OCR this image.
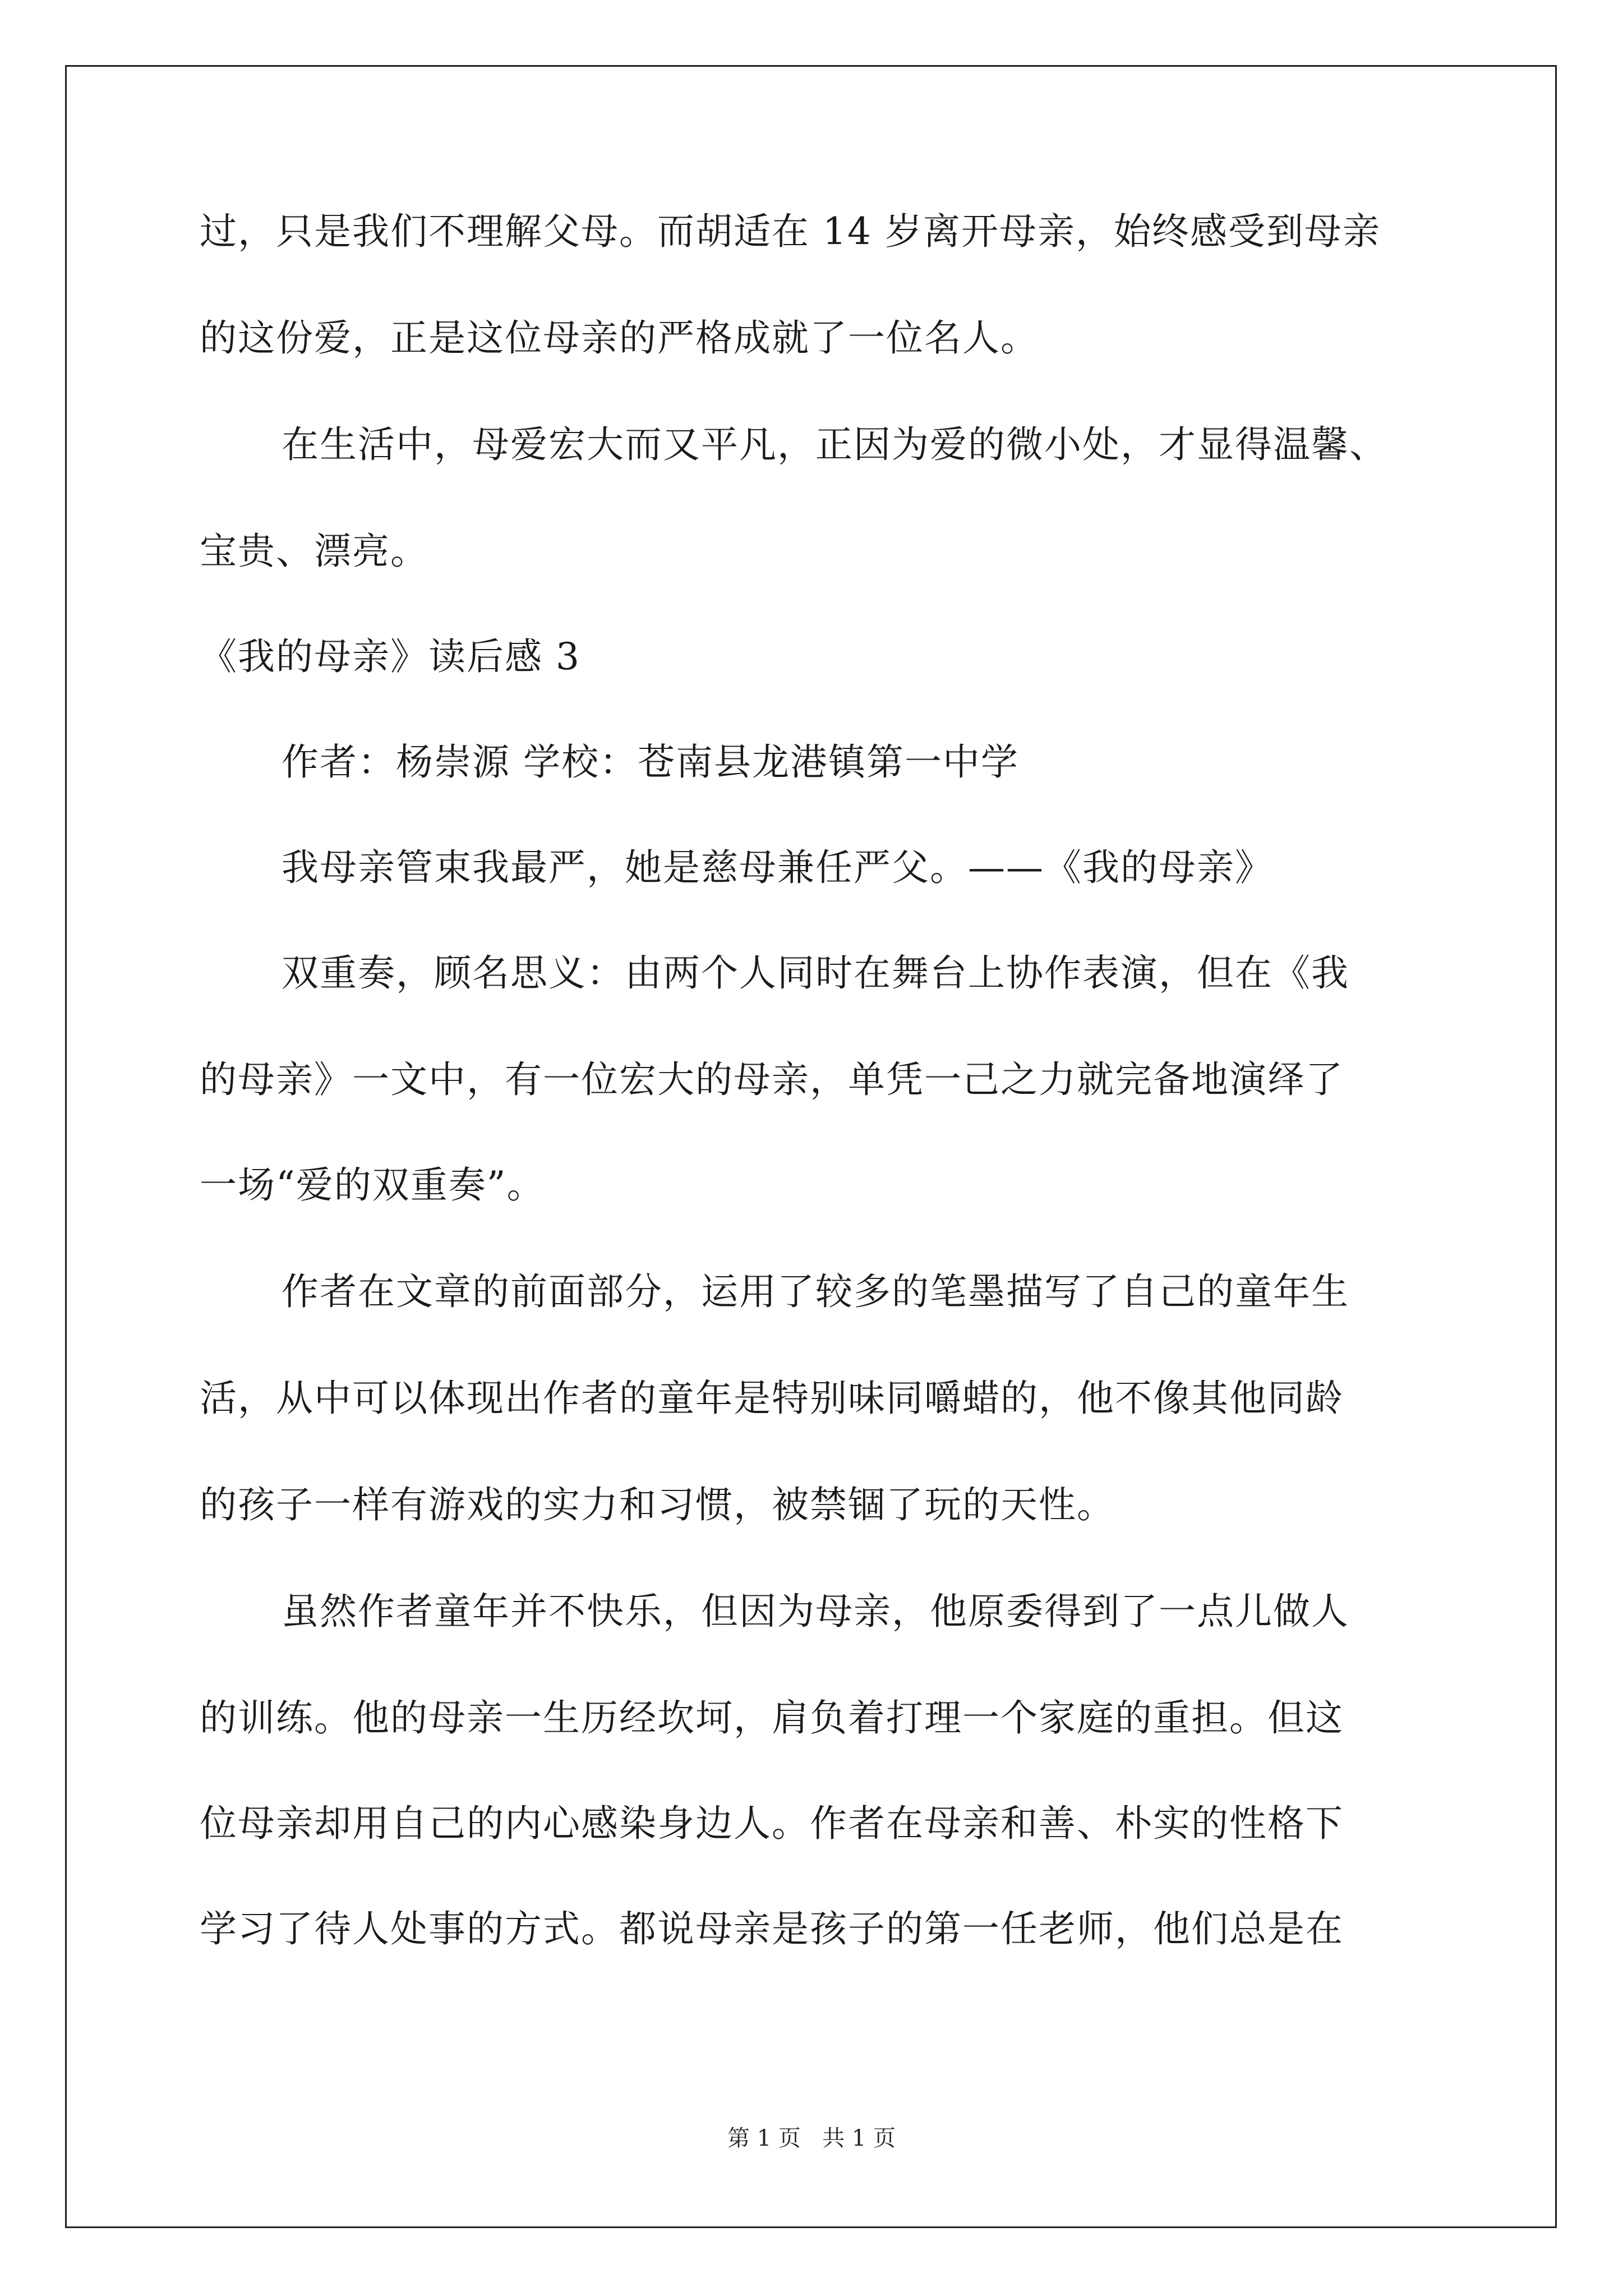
过，只是我们不理解父母。而胡适在 14 岁离开母亲，始终感受到母亲
的这份爱，正是这位母亲的严格成就了一位名人。
在生活中，母爱宏大而又平凡，正因为爱的微小处，才显得温馨、
宝贵、漂亮。
《我的母亲》读后感 3
作者：杨崇源 学校：苍南县龙港镇第一中学
我母亲管束我最严，她是慈母兼任严父。——《我的母亲》
双重奏，顾名思义：由两个人同时在舞台上协作表演，但在《我
的母亲》一文中，有一位宏大的母亲，单凭一己之力就完备地演绎了
一场“爱的双重奏”。
作者在文章的前面部分，运用了较多的笔墨描写了自己的童年生
活，从中可以体现出作者的童年是特别味同嚼蜡的，他不像其他同龄
的孩子一样有游戏的实力和习惯，被禁锢了玩的天性。
虽然作者童年并不快乐，但因为母亲，他原委得到了一点儿做人
的训练。他的母亲一生历经坎坷，肩负着打理一个家庭的重担。但这
位母亲却用自己的内心感染身边人。作者在母亲和善、朴实的性格下
学习了待人处事的方式。都说母亲是孩子的第一任老师，他们总是在
第 1 页 共 1 页
